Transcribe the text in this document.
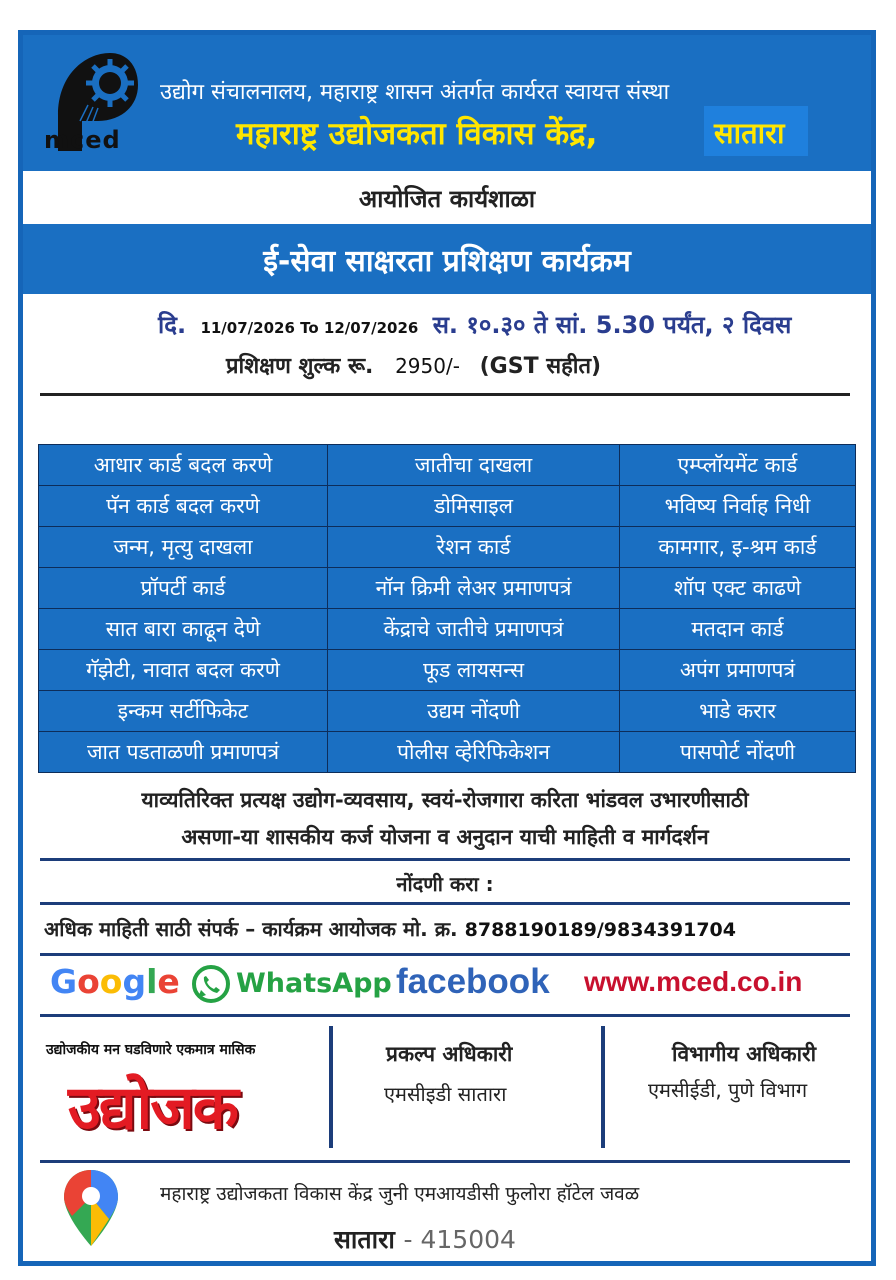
mced
उद्योग संचालनालय, महाराष्ट्र शासन अंतर्गत कार्यरत स्वायत्त संस्था
महाराष्ट्र उद्योजकता विकास केंद्र,	सातारा
आयोजित कार्यशाळा
ई-सेवा साक्षरता प्रशिक्षण कार्यक्रम
दि. 11/07/2026 To 12/07/2026 स. १०.३० ते सां. 5.30 पर्यंत, २ दिवस
प्रशिक्षण शुल्क रू. 2950/- (GST सहीत)
आधार कार्ड बदल करणे	जातीचा दाखला	एम्प्लॉयमेंट कार्ड
पॅन कार्ड बदल करणे	डोमिसाइल	भविष्य निर्वाह निधी
जन्म, मृत्यु दाखला	रेशन कार्ड	कामगार, इ-श्रम कार्ड
प्रॉपर्टी कार्ड	नॉन क्रिमी लेअर प्रमाणपत्रं	शॉप एक्ट काढणे
सात बारा काढून देणे	केंद्राचे जातीचे प्रमाणपत्रं	मतदान कार्ड
गॅझेटी, नावात बदल करणे	फूड लायसन्स	अपंग प्रमाणपत्रं
इन्कम सर्टीफिकेट	उद्यम नोंदणी	भाडे करार
जात पडताळणी प्रमाणपत्रं	पोलीस व्हेरिफिकेशन	पासपोर्ट नोंदणी
याव्यतिरिक्त प्रत्यक्ष उद्योग-व्यवसाय, स्वयं-रोजगारा करिता भांडवल उभारणीसाठी
असणा-या शासकीय कर्ज योजना व अनुदान याची माहिती व मार्गदर्शन
नोंदणी करा :
अधिक माहिती साठी संपर्क – कार्यक्रम आयोजक मो. क्र. 8788190189/9834391704
Google WhatsApp facebook www.mced.co.in
उद्योजकीय मन घडविणारे एकमात्र मासिक
उद्योजक
प्रकल्प अधिकारी
एमसीइडी सातारा
विभागीय अधिकारी
एमसीईडी, पुणे विभाग
महाराष्ट्र उद्योजकता विकास केंद्र जुनी एमआयडीसी फुलोरा हॉटेल जवळ
सातारा - 415004
